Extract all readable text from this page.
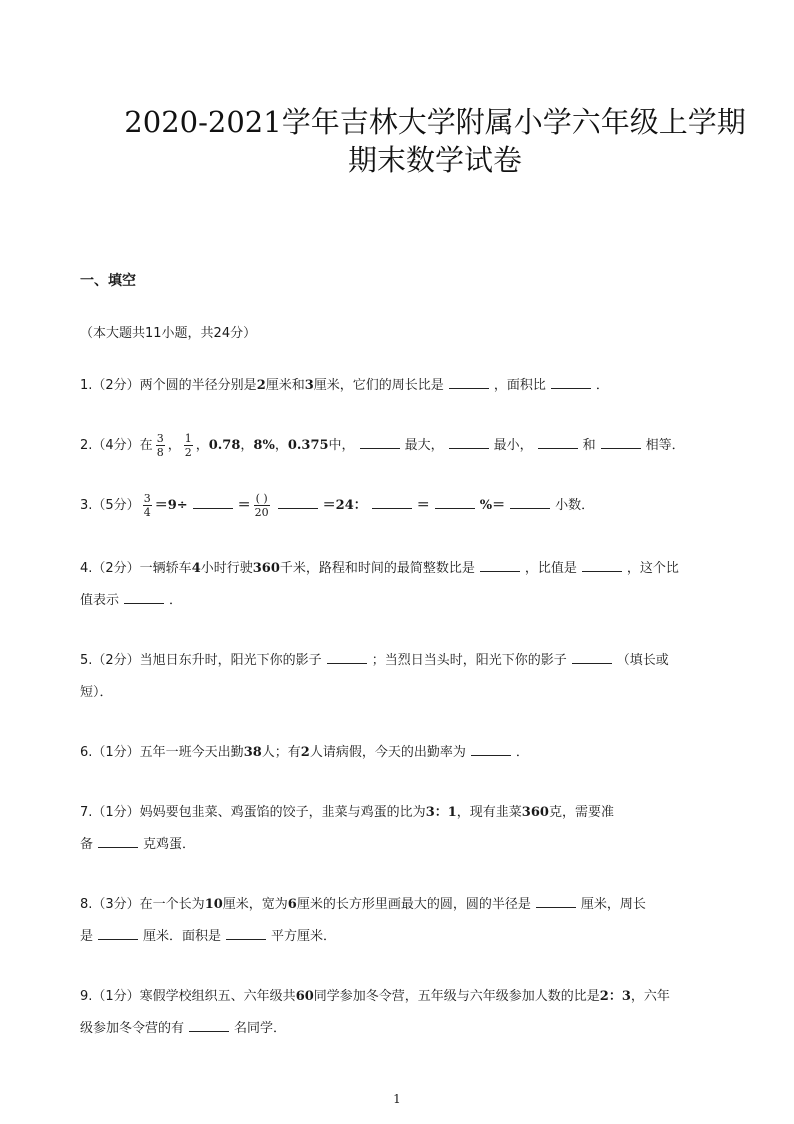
2020-2021学年吉林大学附属小学六年级上学期
期末数学试卷
一、填空
（本大题共11小题，共24分）
1.（2分）两个圆的半径分别是2厘米和3厘米，它们的周长比是	，面积比	．
2.（4分）在 $\frac{3}{8}$ ， $\frac{1}{2}$ ，0.78，8%，0.375中，	最大，	最小，	和	相等．
3.（5分） $\frac{3}{4} =9\div$	＝ $\frac{( )}{20}$	＝24：	＝	%＝	小数．
4.（2分）一辆轿车4小时行驶360千米，路程和时间的最简整数比是	，比值是	，这个比
值表示	．
5.（2分）当旭日东升时，阳光下你的影子	；当烈日当头时，阳光下你的影子	（填长或
短）．
6.（1分）五年一班今天出勤38人；有2人请病假，今天的出勤率为	．
7.（1分）妈妈要包韭菜、鸡蛋馅的饺子，韭菜与鸡蛋的比为3：1，现有韭菜360克，需要准
备	克鸡蛋．
8.（3分）在一个长为10厘米，宽为6厘米的长方形里画最大的圆，圆的半径是	厘米，周长
是	厘米．面积是	平方厘米．
9.（1分）寒假学校组织五、六年级共60同学参加冬令营，五年级与六年级参加人数的比是2：3，六年
级参加冬令营的有	名同学．
1
